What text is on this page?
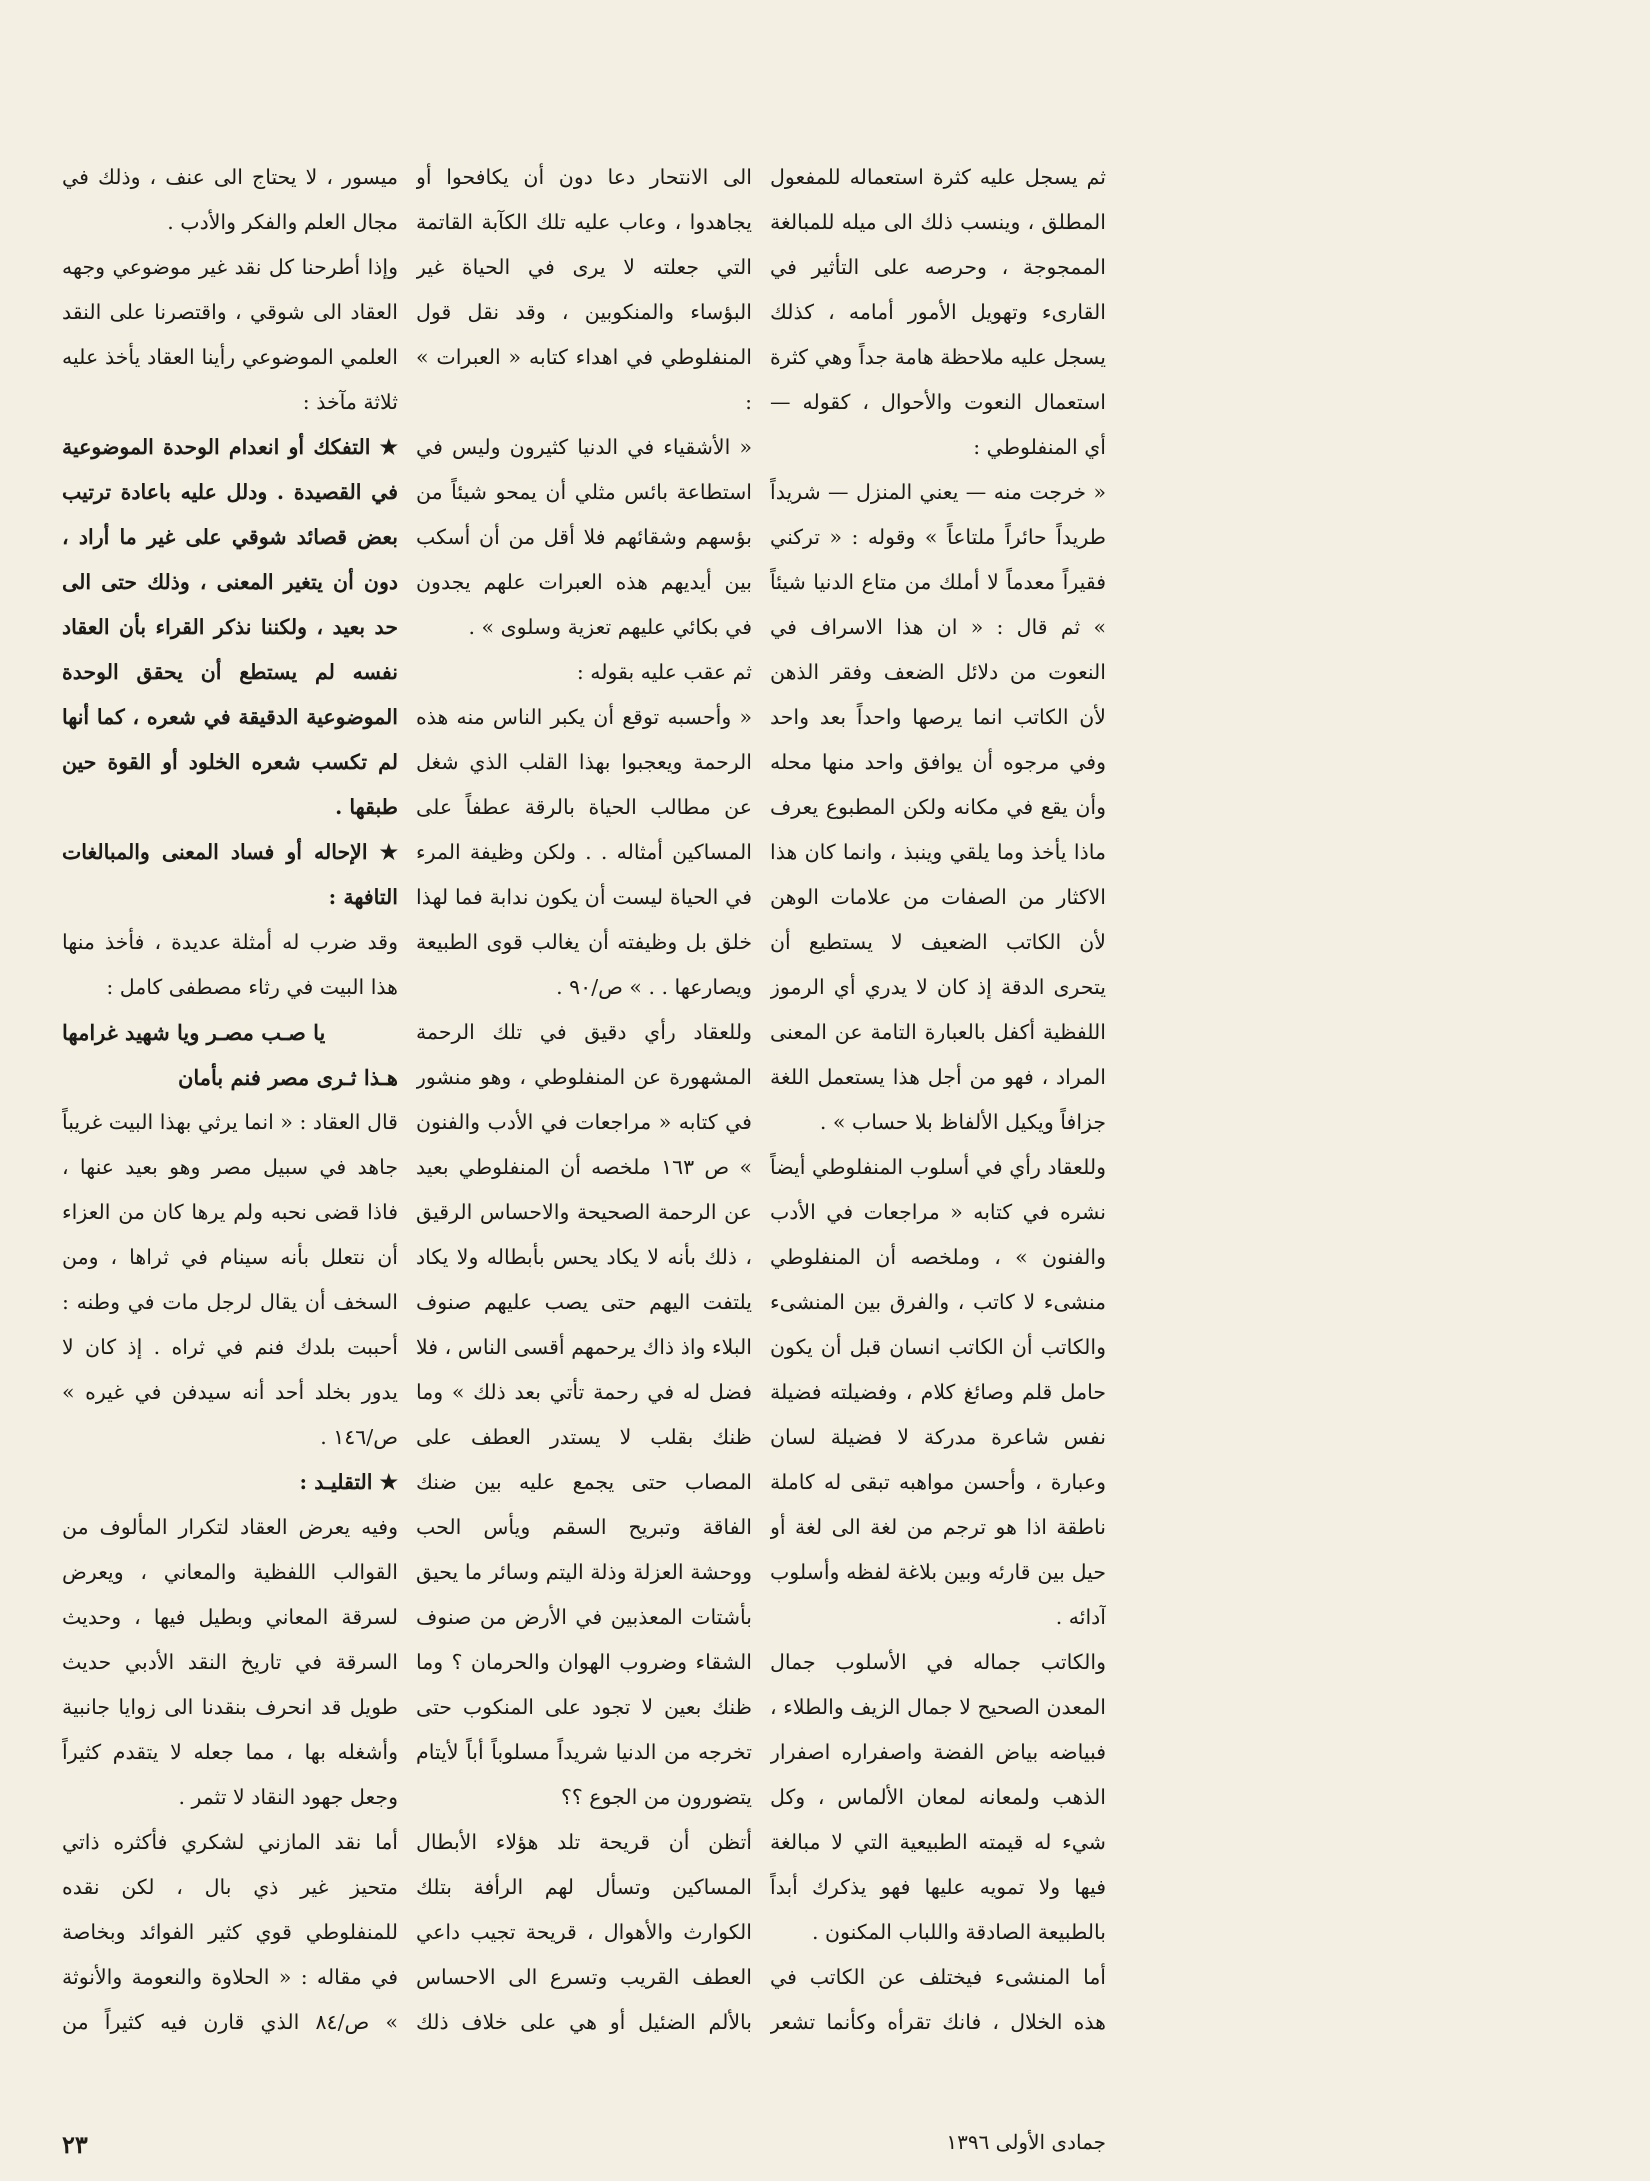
ميسور ، لا يحتاج الى عنف ، وذلك في مجال العلم والفكر والأدب .

وإذا أطرحنا كل نقد غير موضوعي وجهه العقاد الى شوقي ، واقتصرنا على النقد العلمي الموضوعي رأينا العقاد يأخذ عليه ثلاثة مآخذ :

★ التفكك أو انعدام الوحدة الموضوعية في القصيدة . ودلل عليه باعادة ترتيب بعض قصائد شوقي على غير ما أراد ، دون أن يتغير المعنى ، وذلك حتى الى حد بعيد ، ولكننا نذكر القراء بأن العقاد نفسه لم يستطع أن يحقق الوحدة الموضوعية الدقيقة في شعره ، كما أنها لم تكسب شعره الخلود أو القوة حين طبقها .

★ الإحاله أو فساد المعنى والمبالغات التافهة :

وقد ضرب له أمثلة عديدة ، فأخذ منها هذا البيت في رثاء مصطفى كامل :

يا صـب مصـر ويا شهيد غرامها

هـذا ثـرى مصر فنم بأمان

قال العقاد : « انما يرثي بهذا البيت غريباً جاهد في سبيل مصر وهو بعيد عنها ، فاذا قضى نحبه ولم يرها كان من العزاء أن نتعلل بأنه سينام في ثراها ، ومن السخف أن يقال لرجل مات في وطنه : أحببت بلدك فنم في ثراه . إذ كان لا يدور بخلد أحد أنه سيدفن في غيره » ص/١٤٦ .

★ التقليـد :

وفيه يعرض العقاد لتكرار المألوف من القوالب اللفظية والمعاني ، ويعرض لسرقة المعاني وبطيل فيها ، وحديث السرقة في تاريخ النقد الأدبي حديث طويل قد انحرف بنقدنا الى زوايا جانبية وأشغله بها ، مما جعله لا يتقدم كثيراً وجعل جهود النقاد لا تثمر .

أما نقد المازني لشكري فأكثره ذاتي متحيز غير ذي بال ، لكن نقده للمنفلوطي قوي كثير الفوائد وبخاصة في مقاله : « الحلاوة والنعومة والأنوثة » ص/٨٤ الذي قارن فيه كثيراً من

الى الانتحار دعا دون أن يكافحوا أو يجاهدوا ، وعاب عليه تلك الكآبة القاتمة التي جعلته لا يرى في الحياة غير البؤساء والمنكوبين ، وقد نقل قول المنفلوطي في اهداء كتابه « العبرات » :

« الأشقياء في الدنيا كثيرون وليس في استطاعة بائس مثلي أن يمحو شيئاً من بؤسهم وشقائهم فلا أقل من أن أسكب بين أيديهم هذه العبرات علهم يجدون في بكائي عليهم تعزية وسلوى » .

ثم عقب عليه بقوله :

« وأحسبه توقع أن يكبر الناس منه هذه الرحمة ويعجبوا بهذا القلب الذي شغل عن مطالب الحياة بالرقة عطفاً على المساكين أمثاله . . ولكن وظيفة المرء في الحياة ليست أن يكون ندابة فما لهذا خلق بل وظيفته أن يغالب قوى الطبيعة ويصارعها . . » ص/٩٠ .

وللعقاد رأي دقيق في تلك الرحمة المشهورة عن المنفلوطي ، وهو منشور في كتابه « مراجعات في الأدب والفنون » ص ١٦٣ ملخصه أن المنفلوطي بعيد عن الرحمة الصحيحة والاحساس الرقيق ، ذلك بأنه لا يكاد يحس بأبطاله ولا يكاد يلتفت اليهم حتى يصب عليهم صنوف البلاء واذ ذاك يرحمهم أقسى الناس ، فلا فضل له في رحمة تأتي بعد ذلك » وما ظنك بقلب لا يستدر العطف على المصاب حتى يجمع عليه بين ضنك الفاقة وتبريح السقم ويأس الحب ووحشة العزلة وذلة اليتم وسائر ما يحيق بأشتات المعذبين في الأرض من صنوف الشقاء وضروب الهوان والحرمان ؟ وما ظنك بعين لا تجود على المنكوب حتى تخرجه من الدنيا شريداً مسلوباً أباً لأيتام يتضورون من الجوع ؟؟

أتظن أن قريحة تلد هؤلاء الأبطال المساكين وتسأل لهم الرأفة بتلك الكوارث والأهوال ، قريحة تجيب داعي العطف القريب وتسرع الى الاحساس بالألم الضئيل أو هي على خلاف ذلك

ثم يسجل عليه كثرة استعماله للمفعول المطلق ، وينسب ذلك الى ميله للمبالغة الممجوجة ، وحرصه على التأثير في القارىء وتهويل الأمور أمامه ، كذلك يسجل عليه ملاحظة هامة جداً وهي كثرة استعمال النعوت والأحوال ، كقوله — أي المنفلوطي :

« خرجت منه — يعني المنزل — شريداً طريداً حائراً ملتاعاً » وقوله : « تركني فقيراً معدماً لا أملك من متاع الدنيا شيئاً » ثم قال : « ان هذا الاسراف في النعوت من دلائل الضعف وفقر الذهن لأن الكاتب انما يرصها واحداً بعد واحد وفي مرجوه أن يوافق واحد منها محله وأن يقع في مكانه ولكن المطبوع يعرف ماذا يأخذ وما يلقي وينبذ ، وانما كان هذا الاكثار من الصفات من علامات الوهن لأن الكاتب الضعيف لا يستطيع أن يتحرى الدقة إذ كان لا يدري أي الرموز اللفظية أكفل بالعبارة التامة عن المعنى المراد ، فهو من أجل هذا يستعمل اللغة جزافاً ويكيل الألفاظ بلا حساب » .

وللعقاد رأي في أسلوب المنفلوطي أيضاً نشره في كتابه « مراجعات في الأدب والفنون » ، وملخصه أن المنفلوطي منشىء لا كاتب ، والفرق بين المنشىء والكاتب أن الكاتب انسان قبل أن يكون حامل قلم وصائغ كلام ، وفضيلته فضيلة نفس شاعرة مدركة لا فضيلة لسان وعبارة ، وأحسن مواهبه تبقى له كاملة ناطقة اذا هو ترجم من لغة الى لغة أو حيل بين قارئه وبين بلاغة لفظه وأسلوب آدائه .

والكاتب جماله في الأسلوب جمال المعدن الصحيح لا جمال الزيف والطلاء ، فبياضه بياض الفضة واصفراره اصفرار الذهب ولمعانه لمعان الألماس ، وكل شيء له قيمته الطبيعية التي لا مبالغة فيها ولا تمويه عليها فهو يذكرك أبداً بالطبيعة الصادقة واللباب المكنون .

أما المنشىء فيختلف عن الكاتب في هذه الخلال ، فانك تقرأه وكأنما تشعر

٢٣	جمادى الأولى ١٣٩٦
